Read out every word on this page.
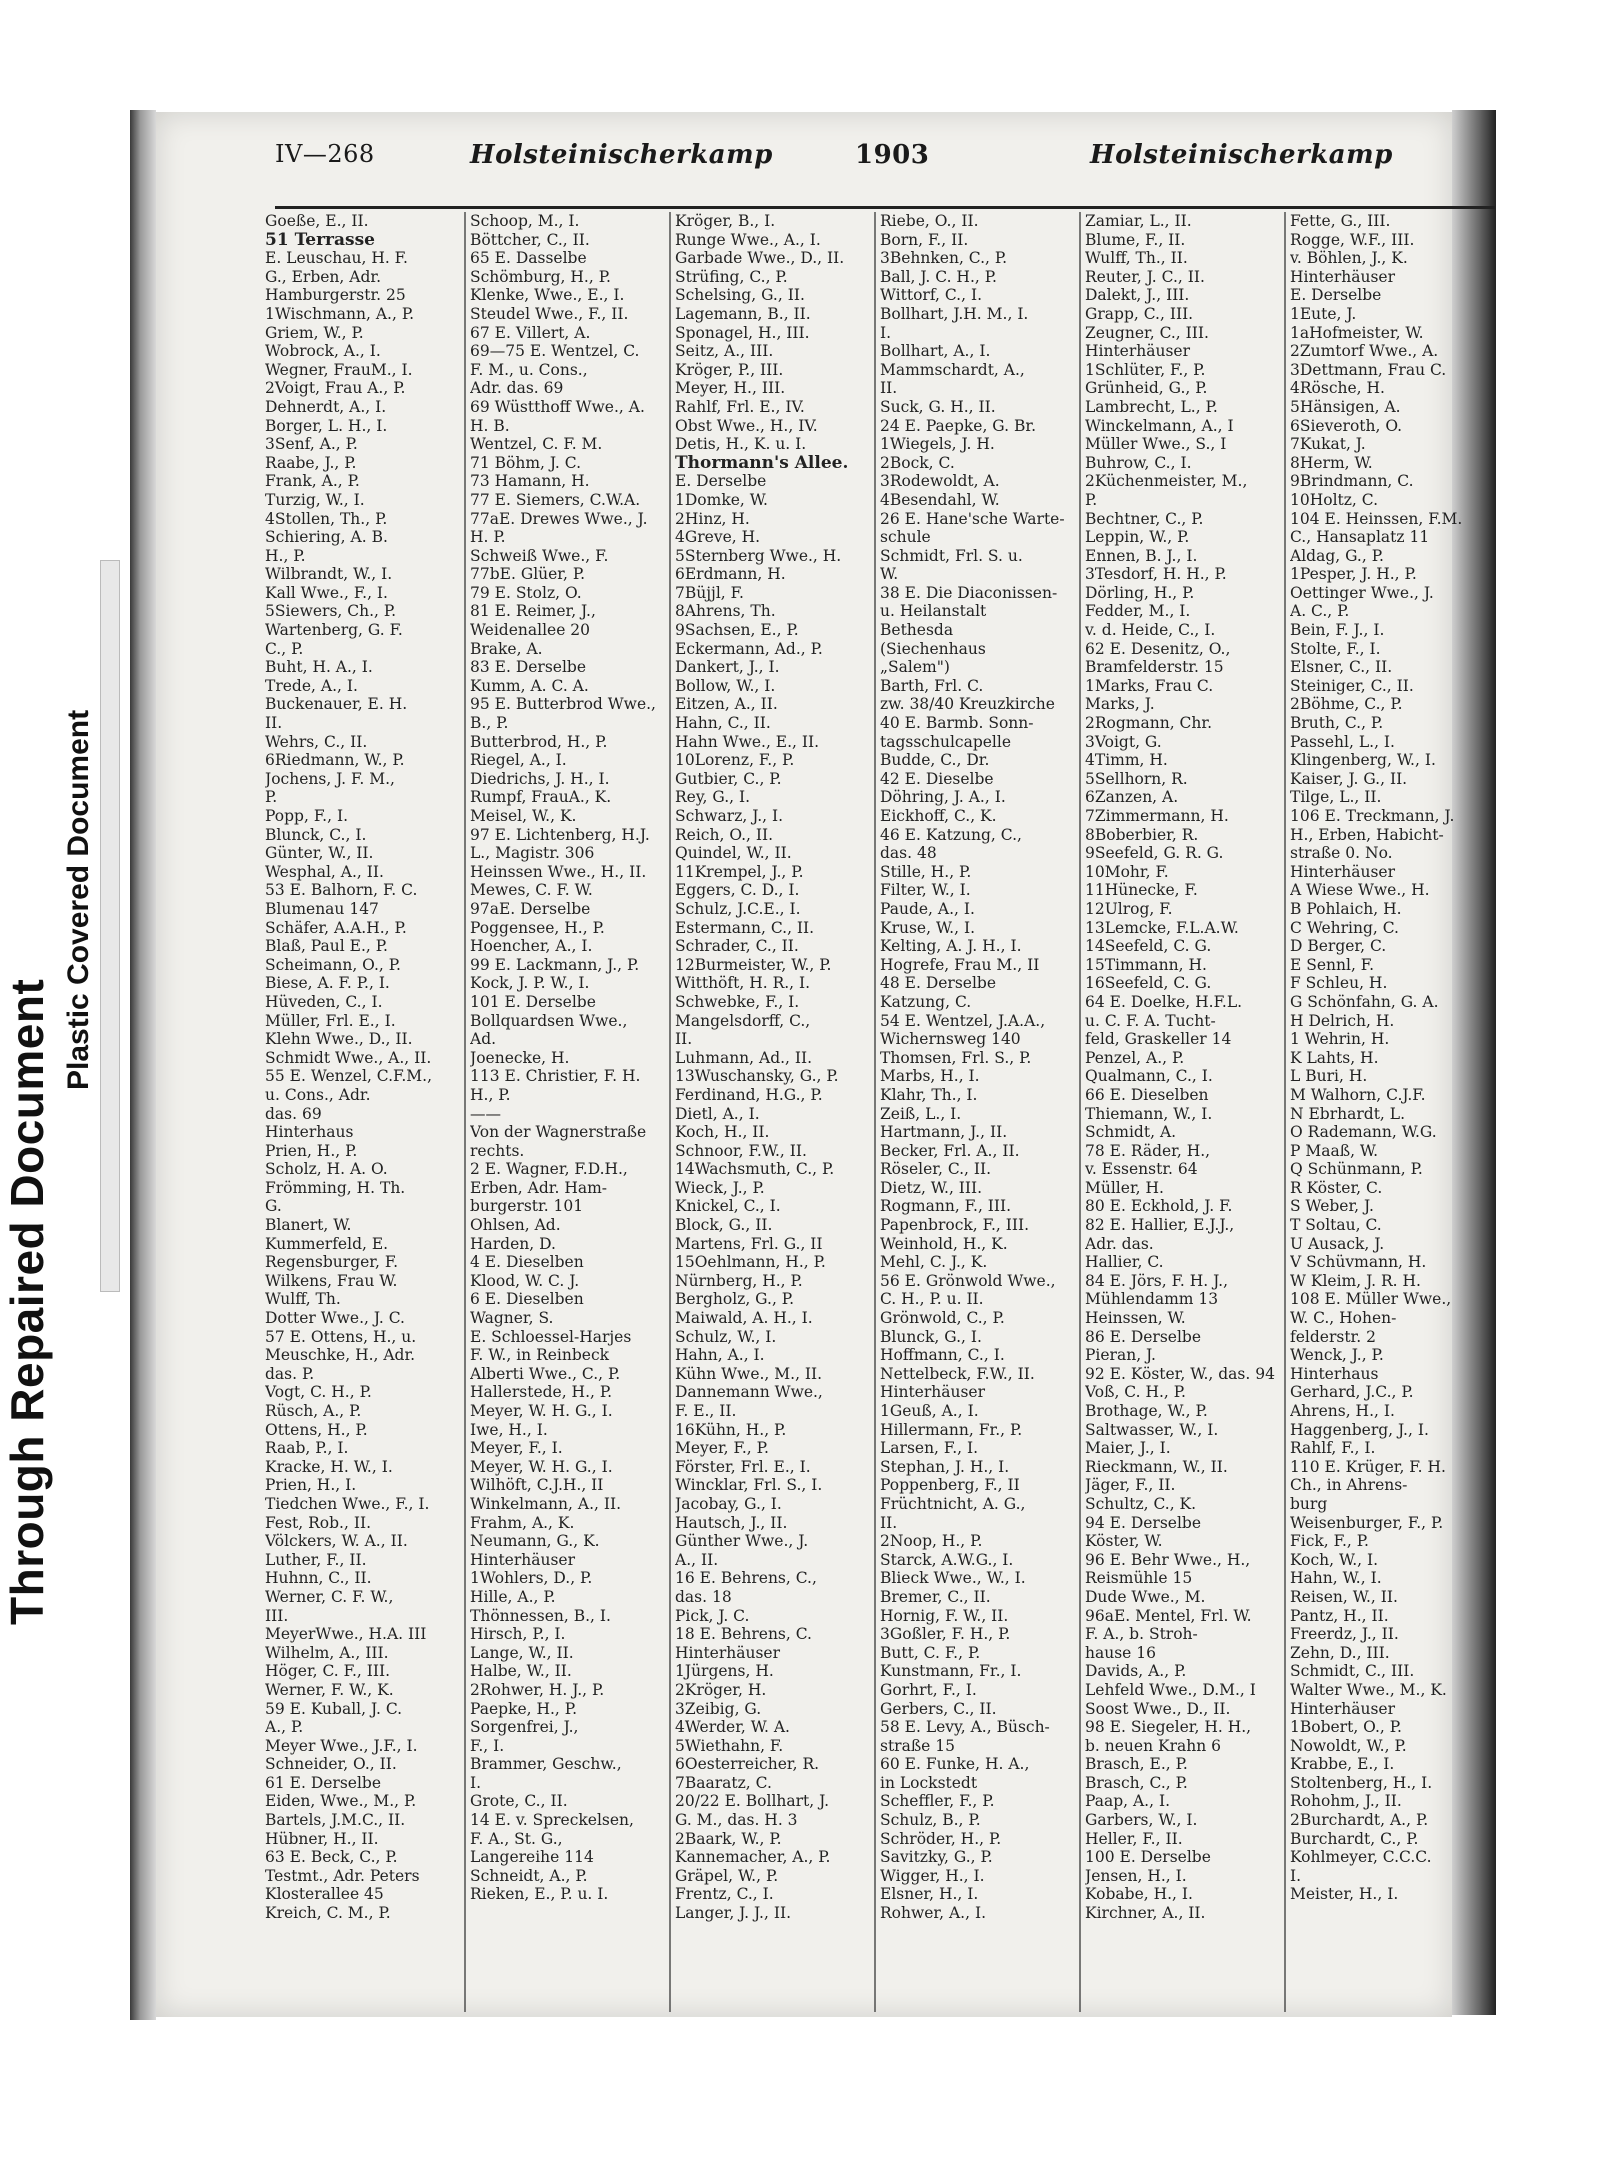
Through Repaired Document
Plastic Covered Document
IV—268	Holsteinischerkamp	1903	Holsteinischerkamp
Goeße, E., II.
51 Terrasse
E. Leuschau, H. F.
G., Erben, Adr.
Hamburgerstr. 25
1Wischmann, A., P.
Griem, W., P.
Wobrock, A., I.
Wegner, FrauM., I.
2Voigt, Frau A., P.
Dehnerdt, A., I.
Borger, L. H., I.
3Senf, A., P.
Raabe, J., P.
Frank, A., P.
Turzig, W., I.
4Stollen, Th., P.
Schiering, A. B.
H., P.
Wilbrandt, W., I.
Kall Wwe., F., I.
5Siewers, Ch., P.
Wartenberg, G. F.
C., P.
Buht, H. A., I.
Trede, A., I.
Buckenauer, E. H.
II.
Wehrs, C., II.
6Riedmann, W., P.
Jochens, J. F. M.,
P.
Popp, F., I.
Blunck, C., I.
Günter, W., II.
Wesphal, A., II.
53 E. Balhorn, F. C.
Blumenau 147
Schäfer, A.A.H., P.
Blaß, Paul E., P.
Scheimann, O., P.
Biese, A. F. P., I.
Hüveden, C., I.
Müller, Frl. E., I.
Klehn Wwe., D., II.
Schmidt Wwe., A., II.
55 E. Wenzel, C.F.M.,
u. Cons., Adr.
das. 69
Hinterhaus
Prien, H., P.
Scholz, H. A. O.
Frömming, H. Th.
G.
Blanert, W.
Kummerfeld, E.
Regensburger, F.
Wilkens, Frau W.
Wulff, Th.
Dotter Wwe., J. C.
57 E. Ottens, H., u.
Meuschke, H., Adr.
das. P.
Vogt, C. H., P.
Rüsch, A., P.
Ottens, H., P.
Raab, P., I.
Kracke, H. W., I.
Prien, H., I.
Tiedchen Wwe., F., I.
Fest, Rob., II.
Völckers, W. A., II.
Luther, F., II.
Huhnn, C., II.
Werner, C. F. W.,
III.
MeyerWwe., H.A. III
Wilhelm, A., III.
Höger, C. F., III.
Werner, F. W., K.
59 E. Kuball, J. C.
A., P.
Meyer Wwe., J.F., I.
Schneider, O., II.
61 E. Derselbe
Eiden, Wwe., M., P.
Bartels, J.M.C., II.
Hübner, H., II.
63 E. Beck, C., P.
Testmt., Adr. Peters
Klosterallee 45
Kreich, C. M., P.
Schoop, M., I.
Böttcher, C., II.
65 E. Dasselbe
Schömburg, H., P.
Klenke, Wwe., E., I.
Steudel Wwe., F., II.
67 E. Villert, A.
69—75 E. Wentzel, C.
F. M., u. Cons.,
Adr. das. 69
69 Wüstthoff Wwe., A.
H. B.
Wentzel, C. F. M.
71 Böhm, J. C.
73 Hamann, H.
77 E. Siemers, C.W.A.
77aE. Drewes Wwe., J.
H. P.
Schweiß Wwe., F.
77bE. Glüer, P.
79 E. Stolz, O.
81 E. Reimer, J.,
Weidenallee 20
Brake, A.
83 E. Derselbe
Kumm, A. C. A.
95 E. Butterbrod Wwe.,
B., P.
Butterbrod, H., P.
Riegel, A., I.
Diedrichs, J. H., I.
Rumpf, FrauA., K.
Meisel, W., K.
97 E. Lichtenberg, H.J.
L., Magistr. 306
Heinssen Wwe., H., II.
Mewes, C. F. W.
97aE. Derselbe
Poggensee, H., P.
Hoencher, A., I.
99 E. Lackmann, J., P.
Kock, J. P. W., I.
101 E. Derselbe
Bollquardsen Wwe.,
Ad.
Joenecke, H.
113 E. Christier, F. H.
H., P.
——
Von der Wagnerstraße
rechts.
2 E. Wagner, F.D.H.,
Erben, Adr. Ham-
burgerstr. 101
Ohlsen, Ad.
Harden, D.
4 E. Dieselben
Klood, W. C. J.
6 E. Dieselben
Wagner, S.
E. Schloessel-Harjes
F. W., in Reinbeck
Alberti Wwe., C., P.
Hallerstede, H., P.
Meyer, W. H. G., I.
Iwe, H., I.
Meyer, F., I.
Meyer, W. H. G., I.
Wilhöft, C.J.H., II
Winkelmann, A., II.
Frahm, A., K.
Neumann, G., K.
Hinterhäuser
1Wohlers, D., P.
Hille, A., P.
Thönnessen, B., I.
Hirsch, P., I.
Lange, W., II.
Halbe, W., II.
2Rohwer, H. J., P.
Paepke, H., P.
Sorgenfrei, J.,
F., I.
Brammer, Geschw.,
I.
Grote, C., II.
14 E. v. Spreckelsen,
F. A., St. G.,
Langereihe 114
Schneidt, A., P.
Rieken, E., P. u. I.
Kröger, B., I.
Runge Wwe., A., I.
Garbade Wwe., D., II.
Strüfing, C., P.
Schelsing, G., II.
Lagemann, B., II.
Sponagel, H., III.
Seitz, A., III.
Kröger, P., III.
Meyer, H., III.
Rahlf, Frl. E., IV.
Obst Wwe., H., IV.
Detis, H., K. u. I.
Thormann's Allee.
E. Derselbe
1Domke, W.
2Hinz, H.
4Greve, H.
5Sternberg Wwe., H.
6Erdmann, H.
7Büjjl, F.
8Ahrens, Th.
9Sachsen, E., P.
Eckermann, Ad., P.
Dankert, J., I.
Bollow, W., I.
Eitzen, A., II.
Hahn, C., II.
Hahn Wwe., E., II.
10Lorenz, F., P.
Gutbier, C., P.
Rey, G., I.
Schwarz, J., I.
Reich, O., II.
Quindel, W., II.
11Krempel, J., P.
Eggers, C. D., I.
Schulz, J.C.E., I.
Estermann, C., II.
Schrader, C., II.
12Burmeister, W., P.
Witthöft, H. R., I.
Schwebke, F., I.
Mangelsdorff, C.,
II.
Luhmann, Ad., II.
13Wuschansky, G., P.
Ferdinand, H.G., P.
Dietl, A., I.
Koch, H., II.
Schnoor, F.W., II.
14Wachsmuth, C., P.
Wieck, J., P.
Knickel, C., I.
Block, G., II.
Martens, Frl. G., II
15Oehlmann, H., P.
Nürnberg, H., P.
Bergholz, G., P.
Maiwald, A. H., I.
Schulz, W., I.
Hahn, A., I.
Kühn Wwe., M., II.
Dannemann Wwe.,
F. E., II.
16Kühn, H., P.
Meyer, F., P.
Förster, Frl. E., I.
Wincklar, Frl. S., I.
Jacobay, G., I.
Hautsch, J., II.
Günther Wwe., J.
A., II.
16 E. Behrens, C.,
das. 18
Pick, J. C.
18 E. Behrens, C.
Hinterhäuser
1Jürgens, H.
2Kröger, H.
3Zeibig, G.
4Werder, W. A.
5Wiethahn, F.
6Oesterreicher, R.
7Baaratz, C.
20/22 E. Bollhart, J.
G. M., das. H. 3
2Baark, W., P.
Kannemacher, A., P.
Gräpel, W., P.
Frentz, C., I.
Langer, J. J., II.
Riebe, O., II.
Born, F., II.
3Behnken, C., P.
Ball, J. C. H., P.
Wittorf, C., I.
Bollhart, J.H. M., I.
I.
Bollhart, A., I.
Mammschardt, A.,
II.
Suck, G. H., II.
24 E. Paepke, G. Br.
1Wiegels, J. H.
2Bock, C.
3Rodewoldt, A.
4Besendahl, W.
26 E. Hane'sche Warte-
schule
Schmidt, Frl. S. u.
W.
38 E. Die Diaconissen-
u. Heilanstalt
Bethesda
(Siechenhaus
„Salem")
Barth, Frl. C.
zw. 38/40 Kreuzkirche
40 E. Barmb. Sonn-
tagsschulcapelle
Budde, C., Dr.
42 E. Dieselbe
Döhring, J. A., I.
Eickhoff, C., K.
46 E. Katzung, C.,
das. 48
Stille, H., P.
Filter, W., I.
Paude, A., I.
Kruse, W., I.
Kelting, A. J. H., I.
Hogrefe, Frau M., II
48 E. Derselbe
Katzung, C.
54 E. Wentzel, J.A.A.,
Wichernsweg 140
Thomsen, Frl. S., P.
Marbs, H., I.
Klahr, Th., I.
Zeiß, L., I.
Hartmann, J., II.
Becker, Frl. A., II.
Röseler, C., II.
Dietz, W., III.
Rogmann, F., III.
Papenbrock, F., III.
Weinhold, H., K.
Mehl, C. J., K.
56 E. Grönwold Wwe.,
C. H., P. u. II.
Grönwold, C., P.
Blunck, G., I.
Hoffmann, C., I.
Nettelbeck, F.W., II.
Hinterhäuser
1Geuß, A., I.
Hillermann, Fr., P.
Larsen, F., I.
Stephan, J. H., I.
Poppenberg, F., II
Früchtnicht, A. G.,
II.
2Noop, H., P.
Starck, A.W.G., I.
Blieck Wwe., W., I.
Bremer, C., II.
Hornig, F. W., II.
3Goßler, F. H., P.
Butt, C. F., P.
Kunstmann, Fr., I.
Gorhrt, F., I.
Gerbers, C., II.
58 E. Levy, A., Büsch-
straße 15
60 E. Funke, H. A.,
in Lockstedt
Scheffler, F., P.
Schulz, B., P.
Schröder, H., P.
Savitzky, G., P.
Wigger, H., I.
Elsner, H., I.
Rohwer, A., I.
Zamiar, L., II.
Blume, F., II.
Wulff, Th., II.
Reuter, J. C., II.
Dalekt, J., III.
Grapp, C., III.
Zeugner, C., III.
Hinterhäuser
1Schlüter, F., P.
Grünheid, G., P.
Lambrecht, L., P.
Winckelmann, A., I
Müller Wwe., S., I
Buhrow, C., I.
2Küchenmeister, M.,
P.
Bechtner, C., P.
Leppin, W., P.
Ennen, B. J., I.
3Tesdorf, H. H., P.
Dörling, H., P.
Fedder, M., I.
v. d. Heide, C., I.
62 E. Desenitz, O.,
Bramfelderstr. 15
1Marks, Frau C.
Marks, J.
2Rogmann, Chr.
3Voigt, G.
4Timm, H.
5Sellhorn, R.
6Zanzen, A.
7Zimmermann, H.
8Boberbier, R.
9Seefeld, G. R. G.
10Mohr, F.
11Hünecke, F.
12Ulrog, F.
13Lemcke, F.L.A.W.
14Seefeld, C. G.
15Timmann, H.
16Seefeld, C. G.
64 E. Doelke, H.F.L.
u. C. F. A. Tucht-
feld, Graskeller 14
Penzel, A., P.
Qualmann, C., I.
66 E. Dieselben
Thiemann, W., I.
Schmidt, A.
78 E. Räder, H.,
v. Essenstr. 64
Müller, H.
80 E. Eckhold, J. F.
82 E. Hallier, E.J.J.,
Adr. das.
Hallier, C.
84 E. Jörs, F. H. J.,
Mühlendamm 13
Heinssen, W.
86 E. Derselbe
Pieran, J.
92 E. Köster, W., das. 94
Voß, C. H., P.
Brothage, W., P.
Saltwasser, W., I.
Maier, J., I.
Rieckmann, W., II.
Jäger, F., II.
Schultz, C., K.
94 E. Derselbe
Köster, W.
96 E. Behr Wwe., H.,
Reismühle 15
Dude Wwe., M.
96aE. Mentel, Frl. W.
F. A., b. Stroh-
hause 16
Davids, A., P.
Lehfeld Wwe., D.M., I
Soost Wwe., D., II.
98 E. Siegeler, H. H.,
b. neuen Krahn 6
Brasch, E., P.
Brasch, C., P.
Paap, A., I.
Garbers, W., I.
Heller, F., II.
100 E. Derselbe
Jensen, H., I.
Kobabe, H., I.
Kirchner, A., II.
Fette, G., III.
Rogge, W.F., III.
v. Böhlen, J., K.
Hinterhäuser
E. Derselbe
1Eute, J.
1aHofmeister, W.
2Zumtorf Wwe., A.
3Dettmann, Frau C.
4Rösche, H.
5Hänsigen, A.
6Sieveroth, O.
7Kukat, J.
8Herm, W.
9Brindmann, C.
10Holtz, C.
104 E. Heinssen, F.M.
C., Hansaplatz 11
Aldag, G., P.
1Pesper, J. H., P.
Oettinger Wwe., J.
A. C., P.
Bein, F. J., I.
Stolte, F., I.
Elsner, C., II.
Steiniger, C., II.
2Böhme, C., P.
Bruth, C., P.
Passehl, L., I.
Klingenberg, W., I.
Kaiser, J. G., II.
Tilge, L., II.
106 E. Treckmann, J.
H., Erben, Habicht-
straße 0. No.
Hinterhäuser
A Wiese Wwe., H.
B Pohlaich, H.
C Wehring, C.
D Berger, C.
E Sennl, F.
F Schleu, H.
G Schönfahn, G. A.
H Delrich, H.
1 Wehrin, H.
K Lahts, H.
L Buri, H.
M Walhorn, C.J.F.
N Ebrhardt, L.
O Rademann, W.G.
P Maaß, W.
Q Schünmann, P.
R Köster, C.
S Weber, J.
T Soltau, C.
U Ausack, J.
V Schüvmann, H.
W Kleim, J. R. H.
108 E. Müller Wwe.,
W. C., Hohen-
felderstr. 2
Wenck, J., P.
Hinterhaus
Gerhard, J.C., P.
Ahrens, H., I.
Haggenberg, J., I.
Rahlf, F., I.
110 E. Krüger, F. H.
Ch., in Ahrens-
burg
Weisenburger, F., P.
Fick, F., P.
Koch, W., I.
Hahn, W., I.
Reisen, W., II.
Pantz, H., II.
Freerdz, J., II.
Zehn, D., III.
Schmidt, C., III.
Walter Wwe., M., K.
Hinterhäuser
1Bobert, O., P.
Nowoldt, W., P.
Krabbe, E., I.
Stoltenberg, H., I.
Rohohm, J., II.
2Burchardt, A., P.
Burchardt, C., P.
Kohlmeyer, C.C.C.
I.
Meister, H., I.
